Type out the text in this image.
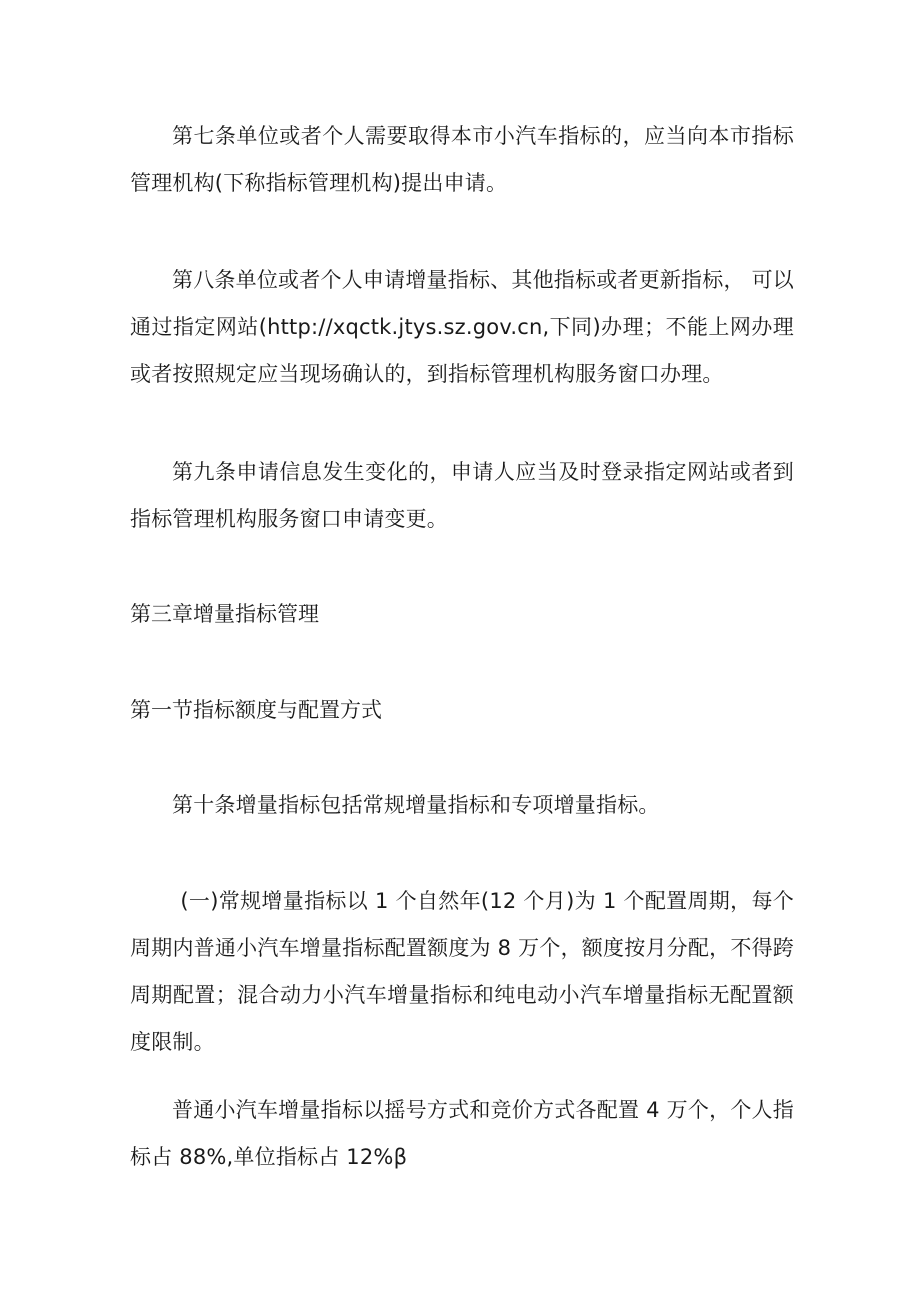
第七条单位或者个人需要取得本市小汽车指标的，应当向本市指标管理机构(下称指标管理机构)提出申请。

第八条单位或者个人申请增量指标、其他指标或者更新指标， 可以通过指定网站(http://xqctk.jtys.sz.gov.cn,下同)办理；不能上网办理或者按照规定应当现场确认的，到指标管理机构服务窗口办理。

第九条申请信息发生变化的，申请人应当及时登录指定网站或者到指标管理机构服务窗口申请变更。

第三章增量指标管理
第一节指标额度与配置方式

第十条增量指标包括常规增量指标和专项增量指标。

(一)常规增量指标以 1 个自然年(12 个月)为 1 个配置周期，每个周期内普通小汽车增量指标配置额度为 8 万个，额度按月分配，不得跨周期配置；混合动力小汽车增量指标和纯电动小汽车增量指标无配置额度限制。

普通小汽车增量指标以摇号方式和竞价方式各配置 4 万个，个人指标占 88%,单位指标占 12%β
